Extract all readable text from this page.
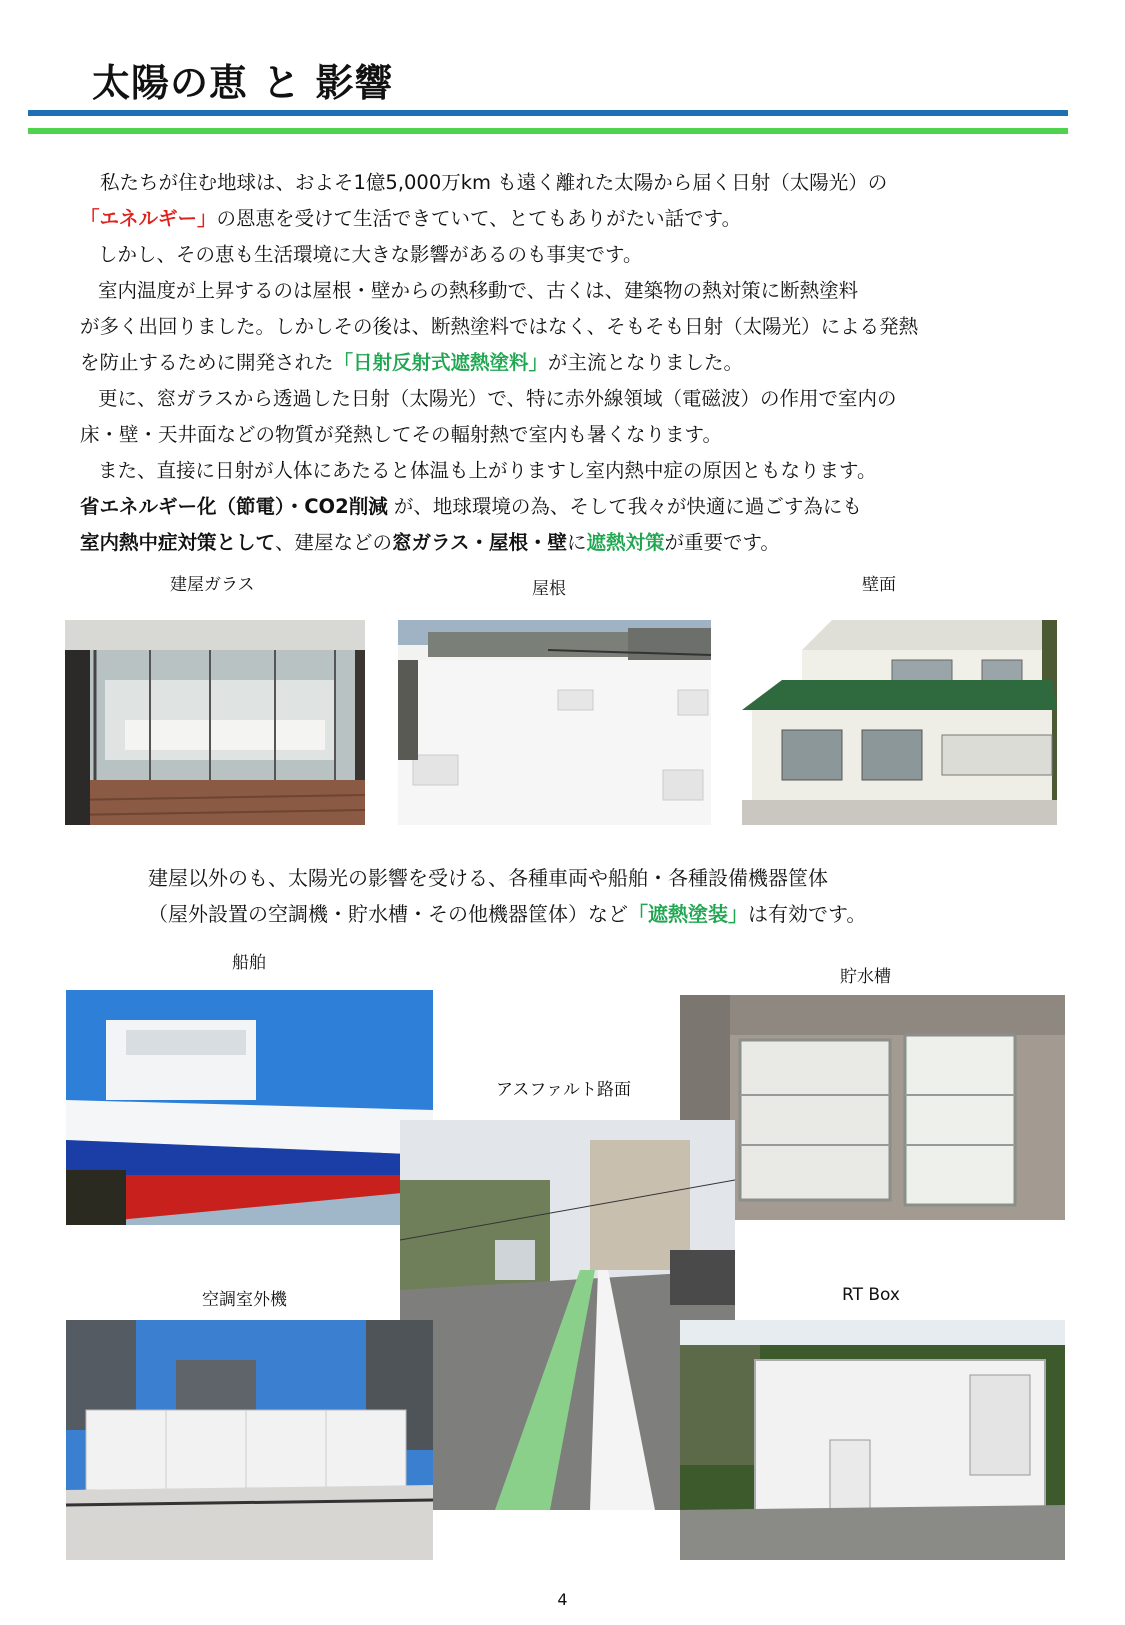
太陽の恵 と 影響

私たちが住む地球は、およそ1億5,000万km も遠く離れた太陽から届く日射（太陽光）の

「エネルギー」の恩恵を受けて生活できていて、とてもありがたい話です。

しかし、その恵も生活環境に大きな影響があるのも事実です。

室内温度が上昇するのは屋根・壁からの熱移動で、古くは、建築物の熱対策に断熱塗料

が多く出回りました。しかしその後は、断熱塗料ではなく、そもそも日射（太陽光）による発熱

を防止するために開発された「日射反射式遮熱塗料」が主流となりました。

更に、窓ガラスから透過した日射（太陽光）で、特に赤外線領域（電磁波）の作用で室内の

床・壁・天井面などの物質が発熱してその輻射熱で室内も暑くなります。

また、直接に日射が人体にあたると体温も上がりますし室内熱中症の原因ともなります。

省エネルギー化（節電）・CO2削減 が、地球環境の為、そして我々が快適に過ごす為にも

室内熱中症対策として、建屋などの窓ガラス・屋根・壁に遮熱対策が重要です。

建屋ガラス	屋根	壁面

建屋以外のも、太陽光の影響を受ける、各種車両や船舶・各種設備機器筐体

（屋外設置の空調機・貯水槽・その他機器筐体）など「遮熱塗装」は有効です。

船舶
貯水槽
アスファルト路面
空調室外機	RT Box
4
